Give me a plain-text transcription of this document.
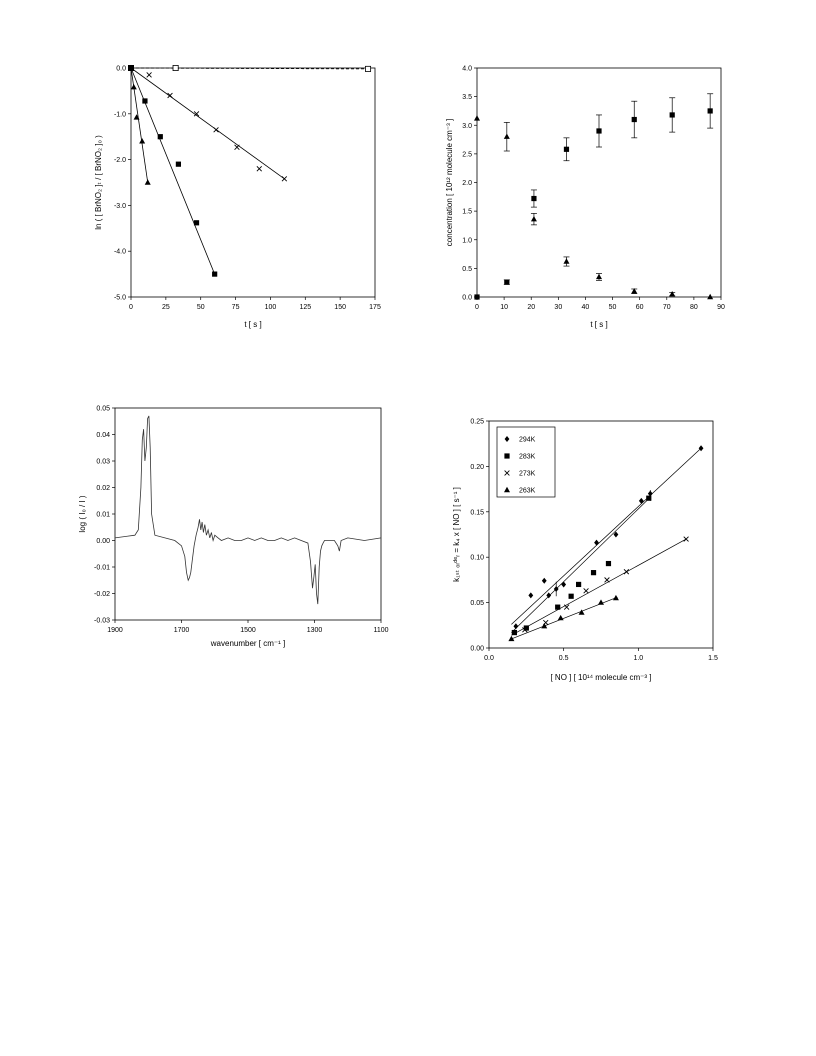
0	25	50	75	100	125	150	175
0.0
-1.0
-2.0
-3.0
-4.0
-5.0
t [ s ]
ln ( [ BrNO₂ ]ₜ / [ BrNO₂ ]₀ )
0	10	20	30	40	50	60	70	80	90
0.0
0.5
1.0
1.5
2.0
2.5
3.0
3.5
4.0
t [ s ]
concentration [ 10¹² molecule cm⁻³ ]
1900	1700	1500	1300	1100
0.05
0.04
0.03
0.02
0.01
0.00
-0.01
-0.02
-0.03
wavenumber [ cm⁻¹ ]
log ( I₀ / I )
0.0	0.5	1.0	1.5
0.00
0.05
0.10
0.15
0.20
0.25
[ NO ] [ 10¹⁴ molecule cm⁻³ ]
k₁ₛₜ ₒᵣᵈᵉᵣ = k₄ x [ NO ] [ s⁻¹ ]
294K
283K
273K
263K
